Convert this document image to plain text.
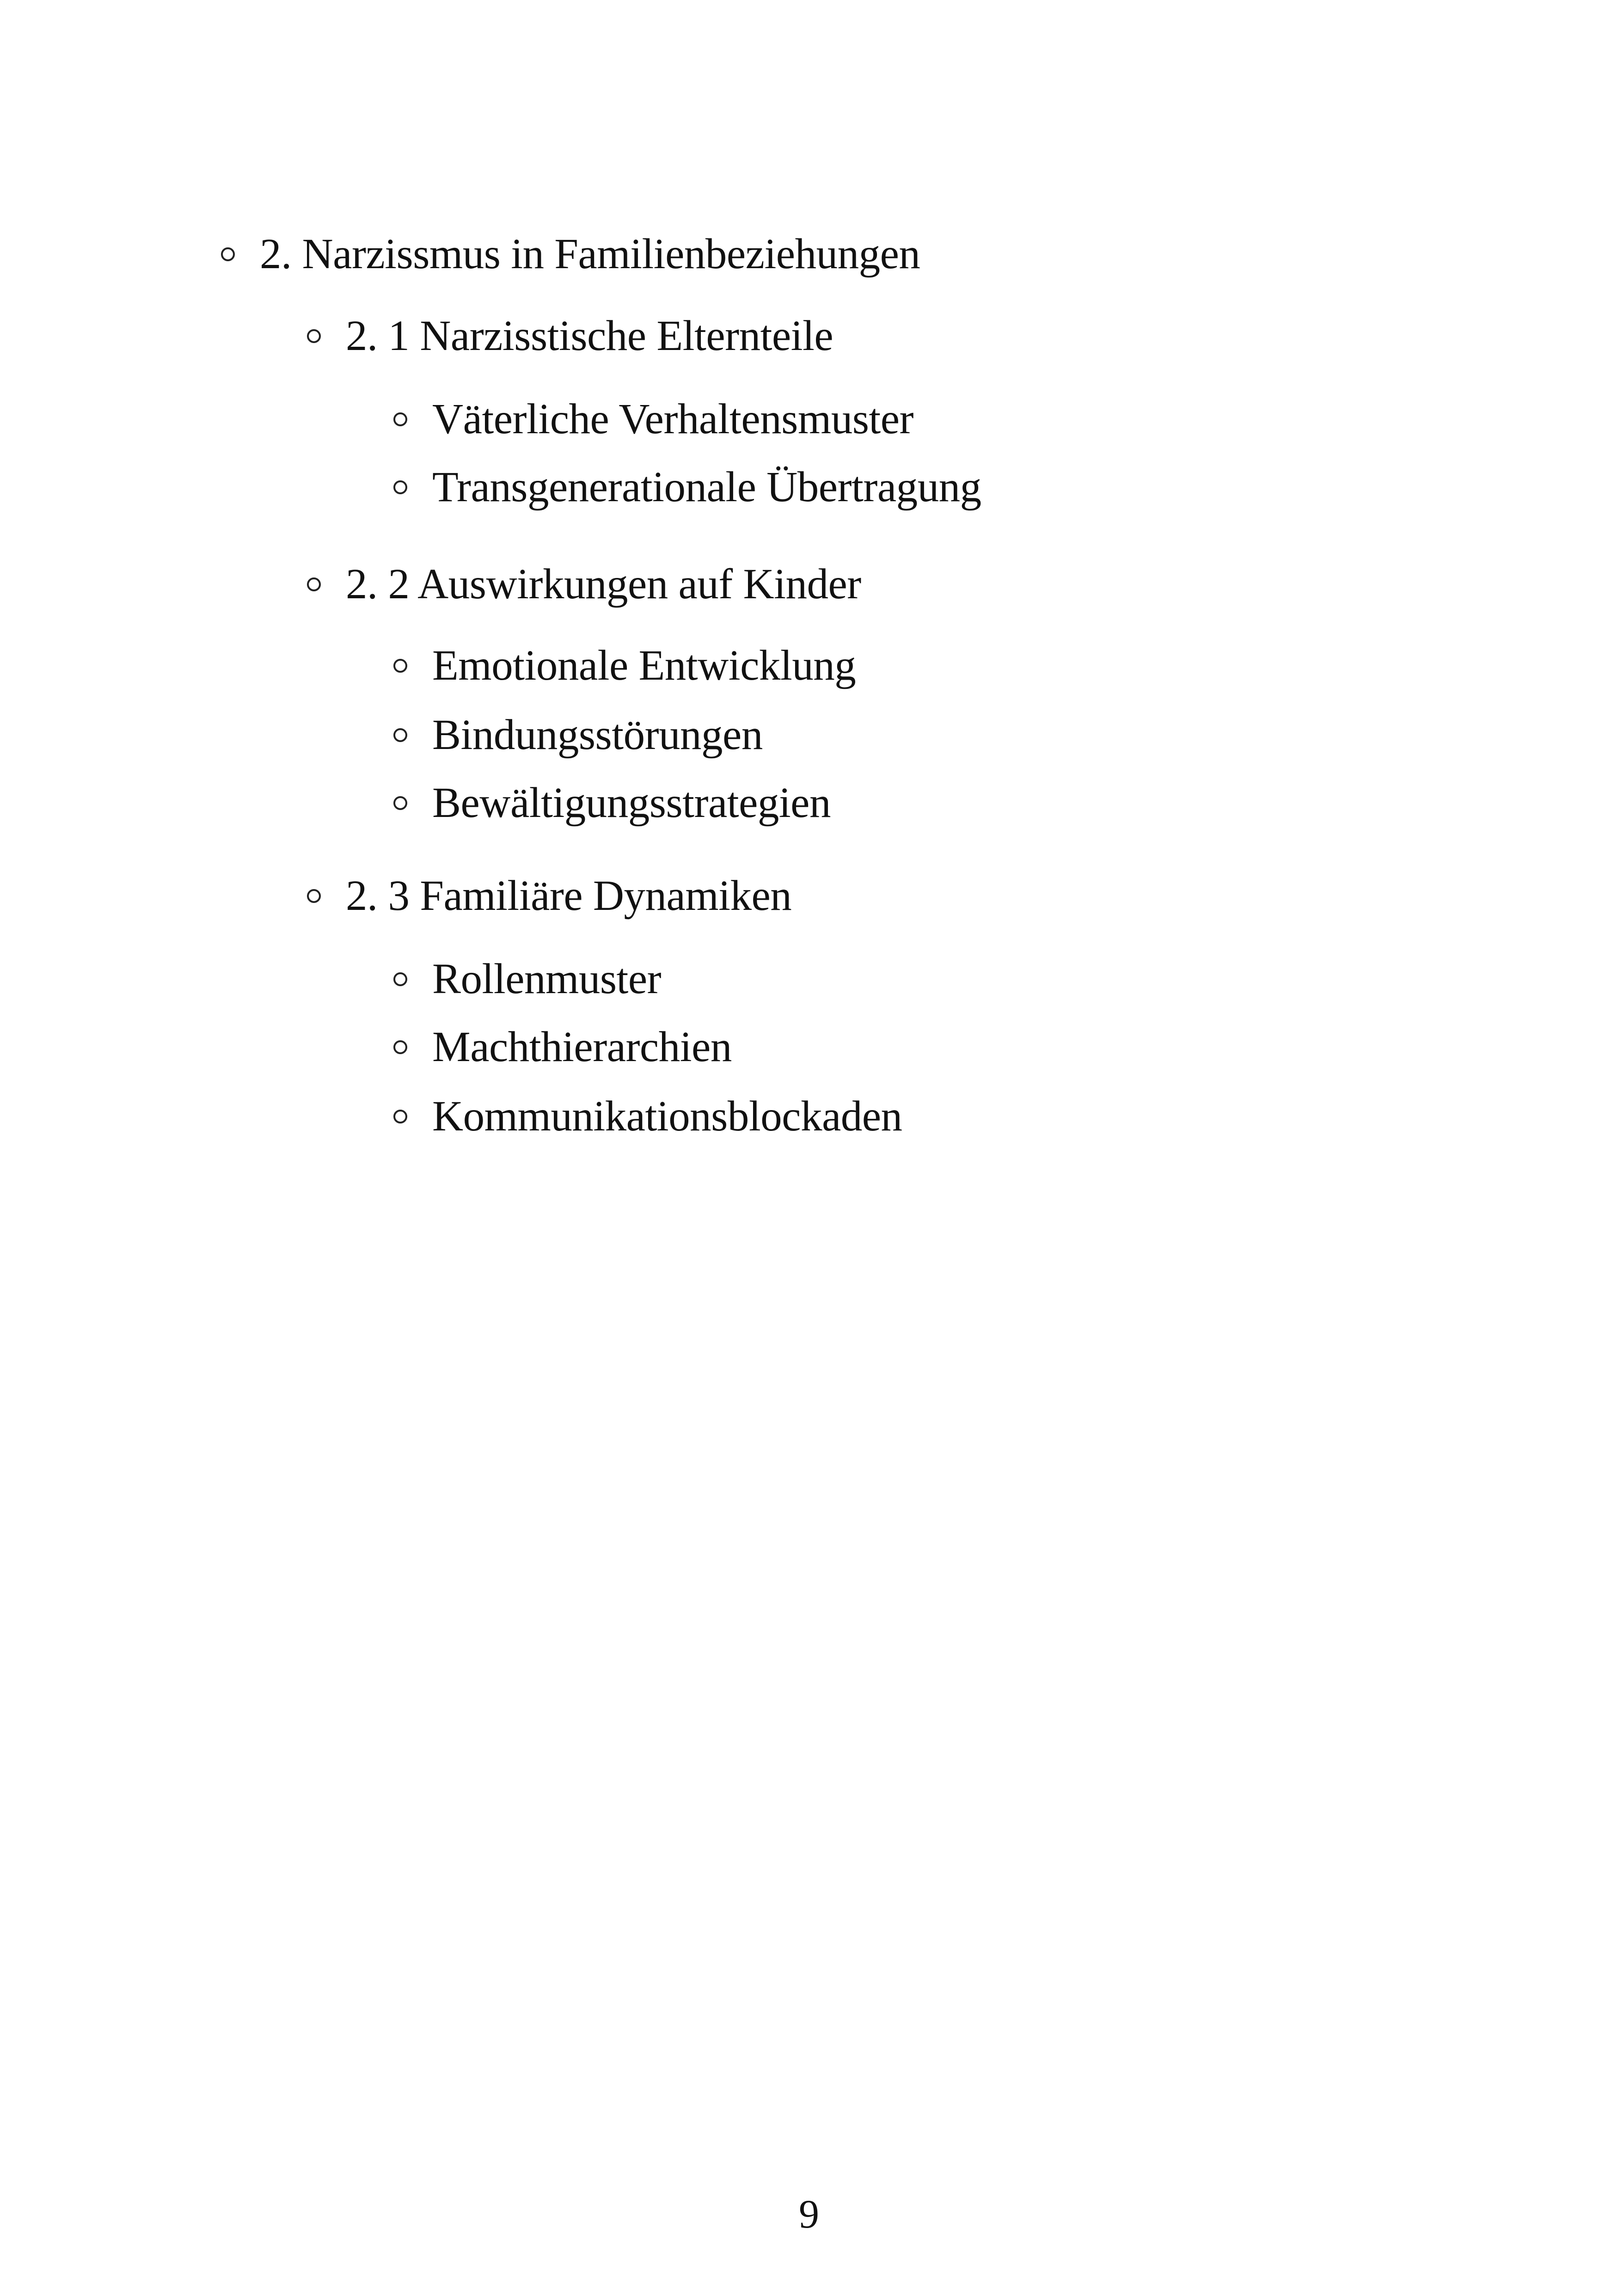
2. Narzissmus in Familienbeziehungen
2. 1 Narzisstische Elternteile
Väterliche Verhaltensmuster
Transgenerationale Übertragung
2. 2 Auswirkungen auf Kinder
Emotionale Entwicklung
Bindungsstörungen
Bewältigungsstrategien
2. 3 Familiäre Dynamiken
Rollenmuster
Machthierarchien
Kommunikationsblockaden
9
